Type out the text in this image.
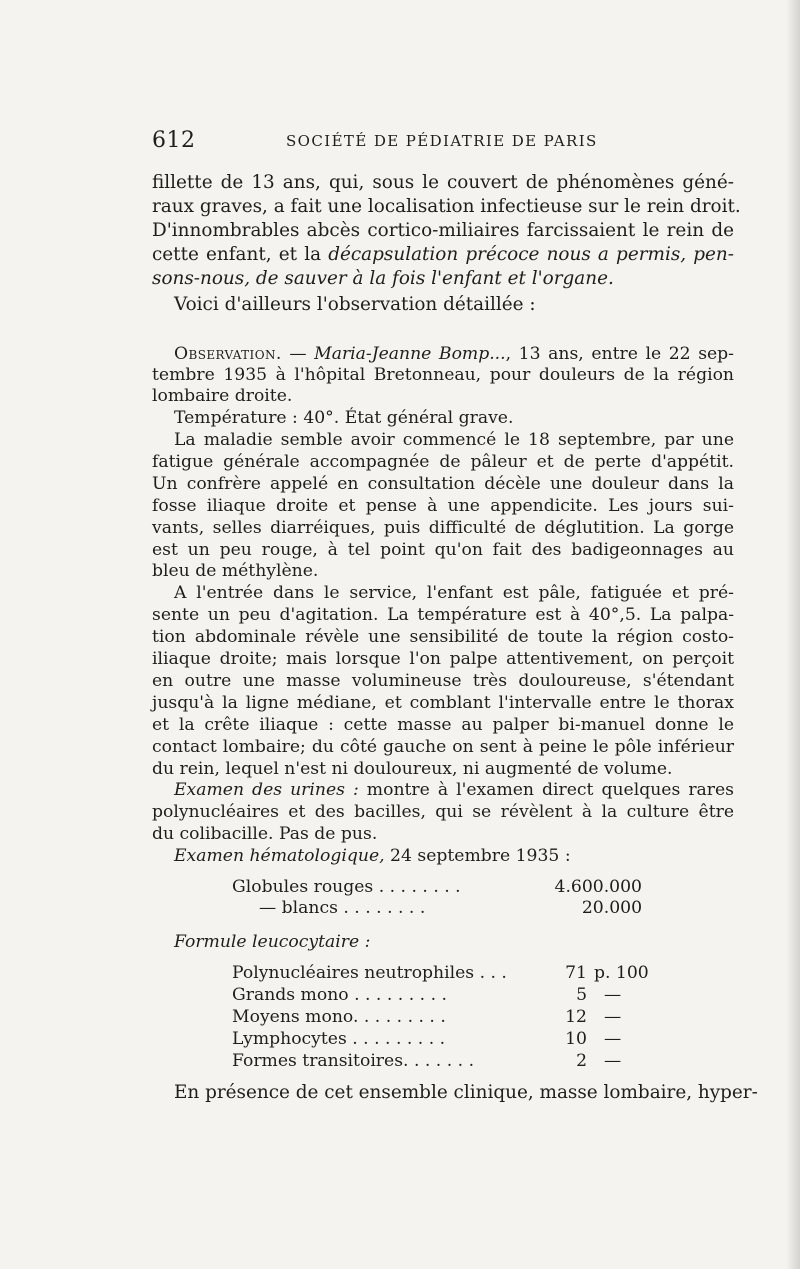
612	SOCIÉTÉ DE PÉDIATRIE DE PARIS
fillette de 13 ans, qui, sous le couvert de phénomènes géné-
raux graves, a fait une localisation infectieuse sur le rein droit.
D'innombrables abcès cortico-miliaires farcissaient le rein de
cette enfant, et la décapsulation précoce nous a permis, pen-
sons-nous, de sauver à la fois l'enfant et l'organe.
Voici d'ailleurs l'observation détaillée :
Observation. — Maria-Jeanne Bomp..., 13 ans, entre le 22 sep-
tembre 1935 à l'hôpital Bretonneau, pour douleurs de la région
lombaire droite.
Température : 40°. État général grave.
La maladie semble avoir commencé le 18 septembre, par une
fatigue générale accompagnée de pâleur et de perte d'appétit.
Un confrère appelé en consultation décèle une douleur dans la
fosse iliaque droite et pense à une appendicite. Les jours sui-
vants, selles diarréiques, puis difficulté de déglutition. La gorge
est un peu rouge, à tel point qu'on fait des badigeonnages au
bleu de méthylène.
A l'entrée dans le service, l'enfant est pâle, fatiguée et pré-
sente un peu d'agitation. La température est à 40°,5. La palpa-
tion abdominale révèle une sensibilité de toute la région costo-
iliaque droite; mais lorsque l'on palpe attentivement, on perçoit
en outre une masse volumineuse très douloureuse, s'étendant
jusqu'à la ligne médiane, et comblant l'intervalle entre le thorax
et la crête iliaque : cette masse au palper bi-manuel donne le
contact lombaire; du côté gauche on sent à peine le pôle inférieur
du rein, lequel n'est ni douloureux, ni augmenté de volume.
Examen des urines : montre à l'examen direct quelques rares
polynucléaires et des bacilles, qui se révèlent à la culture être
du colibacille. Pas de pus.
Examen hématologique, 24 septembre 1935 :
Globules rouges . . . . . . . .	4.600.000
— blancs . . . . . . . .	20.000
Formule leucocytaire :
Polynucléaires neutrophiles . . .	71 p. 100
Grands mono . . . . . . . . .	5 —
Moyens mono. . . . . . . . .	12 —
Lymphocytes . . . . . . . . .	10 —
Formes transitoires. . . . . . .	2 —
En présence de cet ensemble clinique, masse lombaire, hyper-
